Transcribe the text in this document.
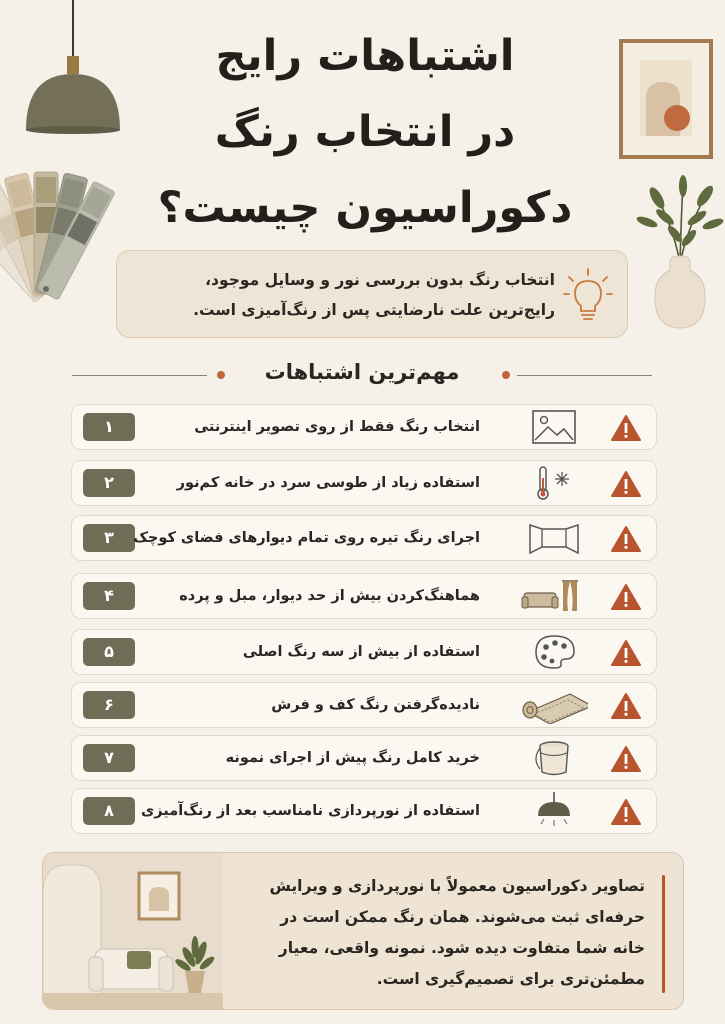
اشتباهات رایج
در انتخاب رنگ
دکوراسیون چیست؟
انتخاب رنگ بدون بررسی نور و وسایل موجود،
رایج‌ترین علت نارضایتی پس از رنگ‌آمیزی است.
مهم‌ترین اشتباهات
۱	انتخاب رنگ فقط از روی تصویر اینترنتی
۲	استفاده زیاد از طوسی سرد در خانه کم‌نور
۳	اجرای رنگ تیره روی تمام دیوارهای فضای کوچک
۴	هماهنگ‌کردن بیش از حد دیوار، مبل و پرده
۵	استفاده از بیش از سه رنگ اصلی
۶	نادیده‌گرفتن رنگ کف و فرش
۷	خرید کامل رنگ پیش از اجرای نمونه
۸	استفاده از نورپردازی نامناسب بعد از رنگ‌آمیزی
تصاویر دکوراسیون معمولاً با نورپردازی و ویرایش
حرفه‌ای ثبت می‌شوند. همان رنگ ممکن است در
خانه شما متفاوت دیده شود. نمونه واقعی، معیار
مطمئن‌تری برای تصمیم‌گیری است.
